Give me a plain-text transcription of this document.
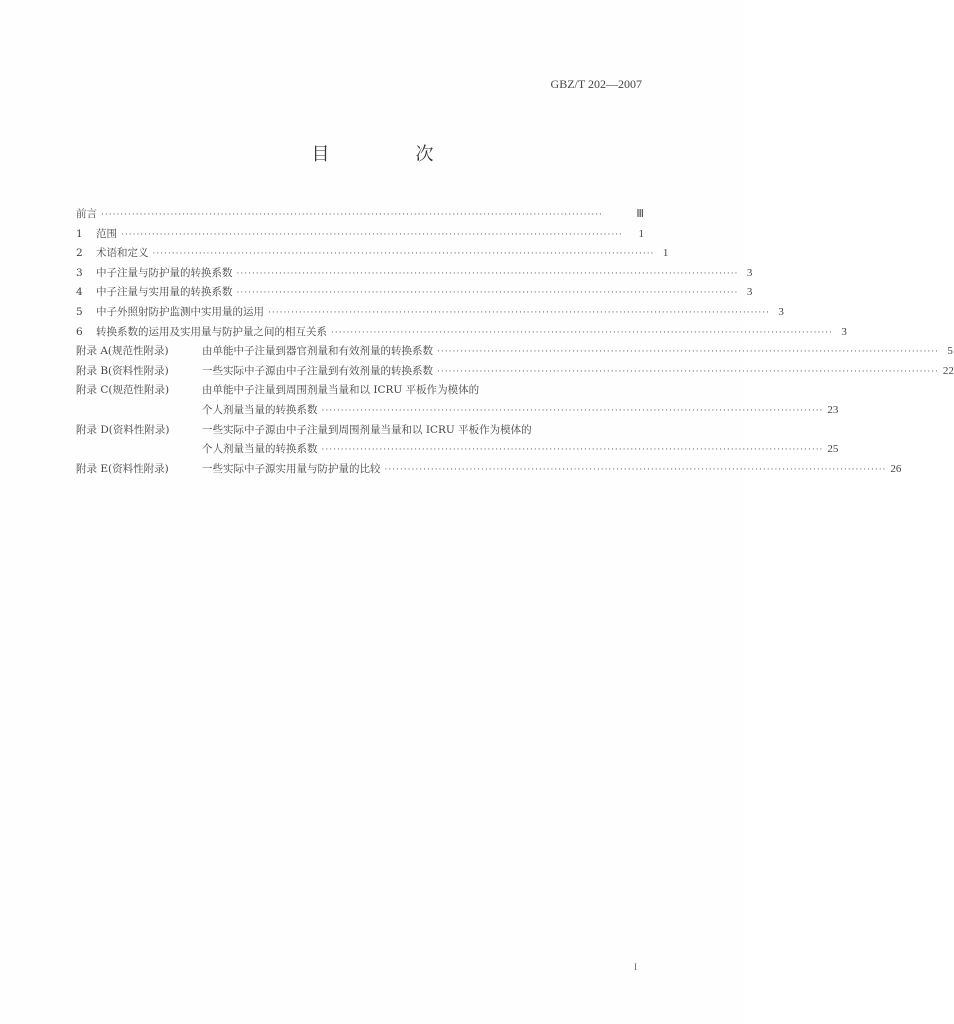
GBZ/T 202—2007
目　次
前言 ··································································································································	Ⅲ
1	范围 ··································································································································	1
2	术语和定义 ·································································································································· 1
3	中子注量与防护量的转换系数 ·································································································································· 3
4	中子注量与实用量的转换系数 ·································································································································· 3
5	中子外照射防护监测中实用量的运用 ·································································································································· 3
6	转换系数的运用及实用量与防护量之间的相互关系 ·································································································································· 3
附录 A(规范性附录)	由单能中子注量到器官剂量和有效剂量的转换系数 ·································································································································· 5
附录 B(资料性附录)	一些实际中子源由中子注量到有效剂量的转换系数 ·································································································································· 22
附录 C(规范性附录)	由单能中子注量到周围剂量当量和以 ICRU 平板作为模体的
个人剂量当量的转换系数 ·································································································································· 23
附录 D(资料性附录)	一些实际中子源由中子注量到周围剂量当量和以 ICRU 平板作为模体的
个人剂量当量的转换系数 ·································································································································· 25
附录 E(资料性附录)	一些实际中子源实用量与防护量的比较 ·································································································································· 26
I
